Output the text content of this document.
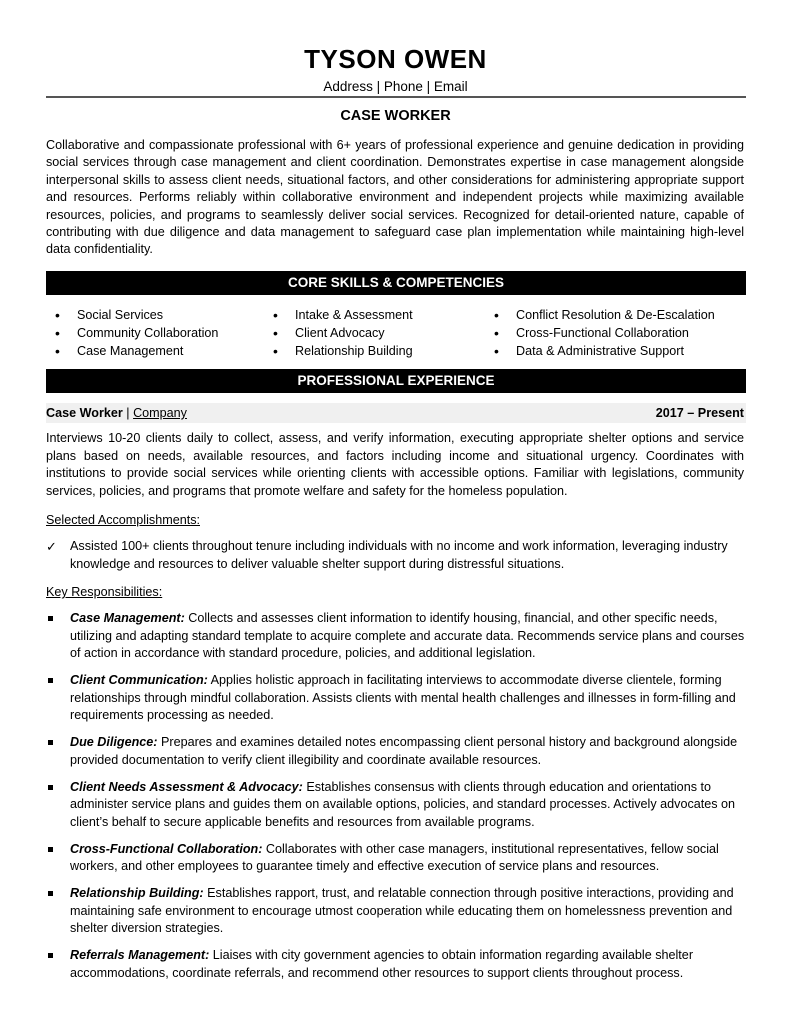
TYSON OWEN
Address | Phone | Email
CASE WORKER
Collaborative and compassionate professional with 6+ years of professional experience and genuine dedication in providing social services through case management and client coordination. Demonstrates expertise in case management alongside interpersonal skills to assess client needs, situational factors, and other considerations for administering appropriate support and resources. Performs reliably within collaborative environment and independent projects while maximizing available resources, policies, and programs to seamlessly deliver social services. Recognized for detail-oriented nature, capable of contributing with due diligence and data management to safeguard case plan implementation while maintaining high-level data confidentiality.
CORE SKILLS & COMPETENCIES
• Social Services
• Community Collaboration
• Case Management
• Intake & Assessment
• Client Advocacy
• Relationship Building
• Conflict Resolution & De-Escalation
• Cross-Functional Collaboration
• Data & Administrative Support
PROFESSIONAL EXPERIENCE
Case Worker | Company	2017 – Present
Interviews 10-20 clients daily to collect, assess, and verify information, executing appropriate shelter options and service plans based on needs, available resources, and factors including income and situational urgency. Coordinates with institutions to provide social services while orienting clients with accessible options. Familiar with legislations, community services, policies, and programs that promote welfare and safety for the homeless population.
Selected Accomplishments:
✓ Assisted 100+ clients throughout tenure including individuals with no income and work information, leveraging industry knowledge and resources to deliver valuable shelter support during distressful situations.
Key Responsibilities:
Case Management: Collects and assesses client information to identify housing, financial, and other specific needs, utilizing and adapting standard template to acquire complete and accurate data. Recommends service plans and courses of action in accordance with standard procedure, policies, and additional legislation.
Client Communication: Applies holistic approach in facilitating interviews to accommodate diverse clientele, forming relationships through mindful collaboration. Assists clients with mental health challenges and illnesses in form-filling and requirements processing as needed.
Due Diligence: Prepares and examines detailed notes encompassing client personal history and background alongside provided documentation to verify client illegibility and coordinate available resources.
Client Needs Assessment & Advocacy: Establishes consensus with clients through education and orientations to administer service plans and guides them on available options, policies, and standard processes. Actively advocates on client’s behalf to secure applicable benefits and resources from available programs.
Cross-Functional Collaboration: Collaborates with other case managers, institutional representatives, fellow social workers, and other employees to guarantee timely and effective execution of service plans and resources.
Relationship Building: Establishes rapport, trust, and relatable connection through positive interactions, providing and maintaining safe environment to encourage utmost cooperation while educating them on homelessness prevention and shelter diversion strategies.
Referrals Management: Liaises with city government agencies to obtain information regarding available shelter accommodations, coordinate referrals, and recommend other resources to support clients throughout process.
